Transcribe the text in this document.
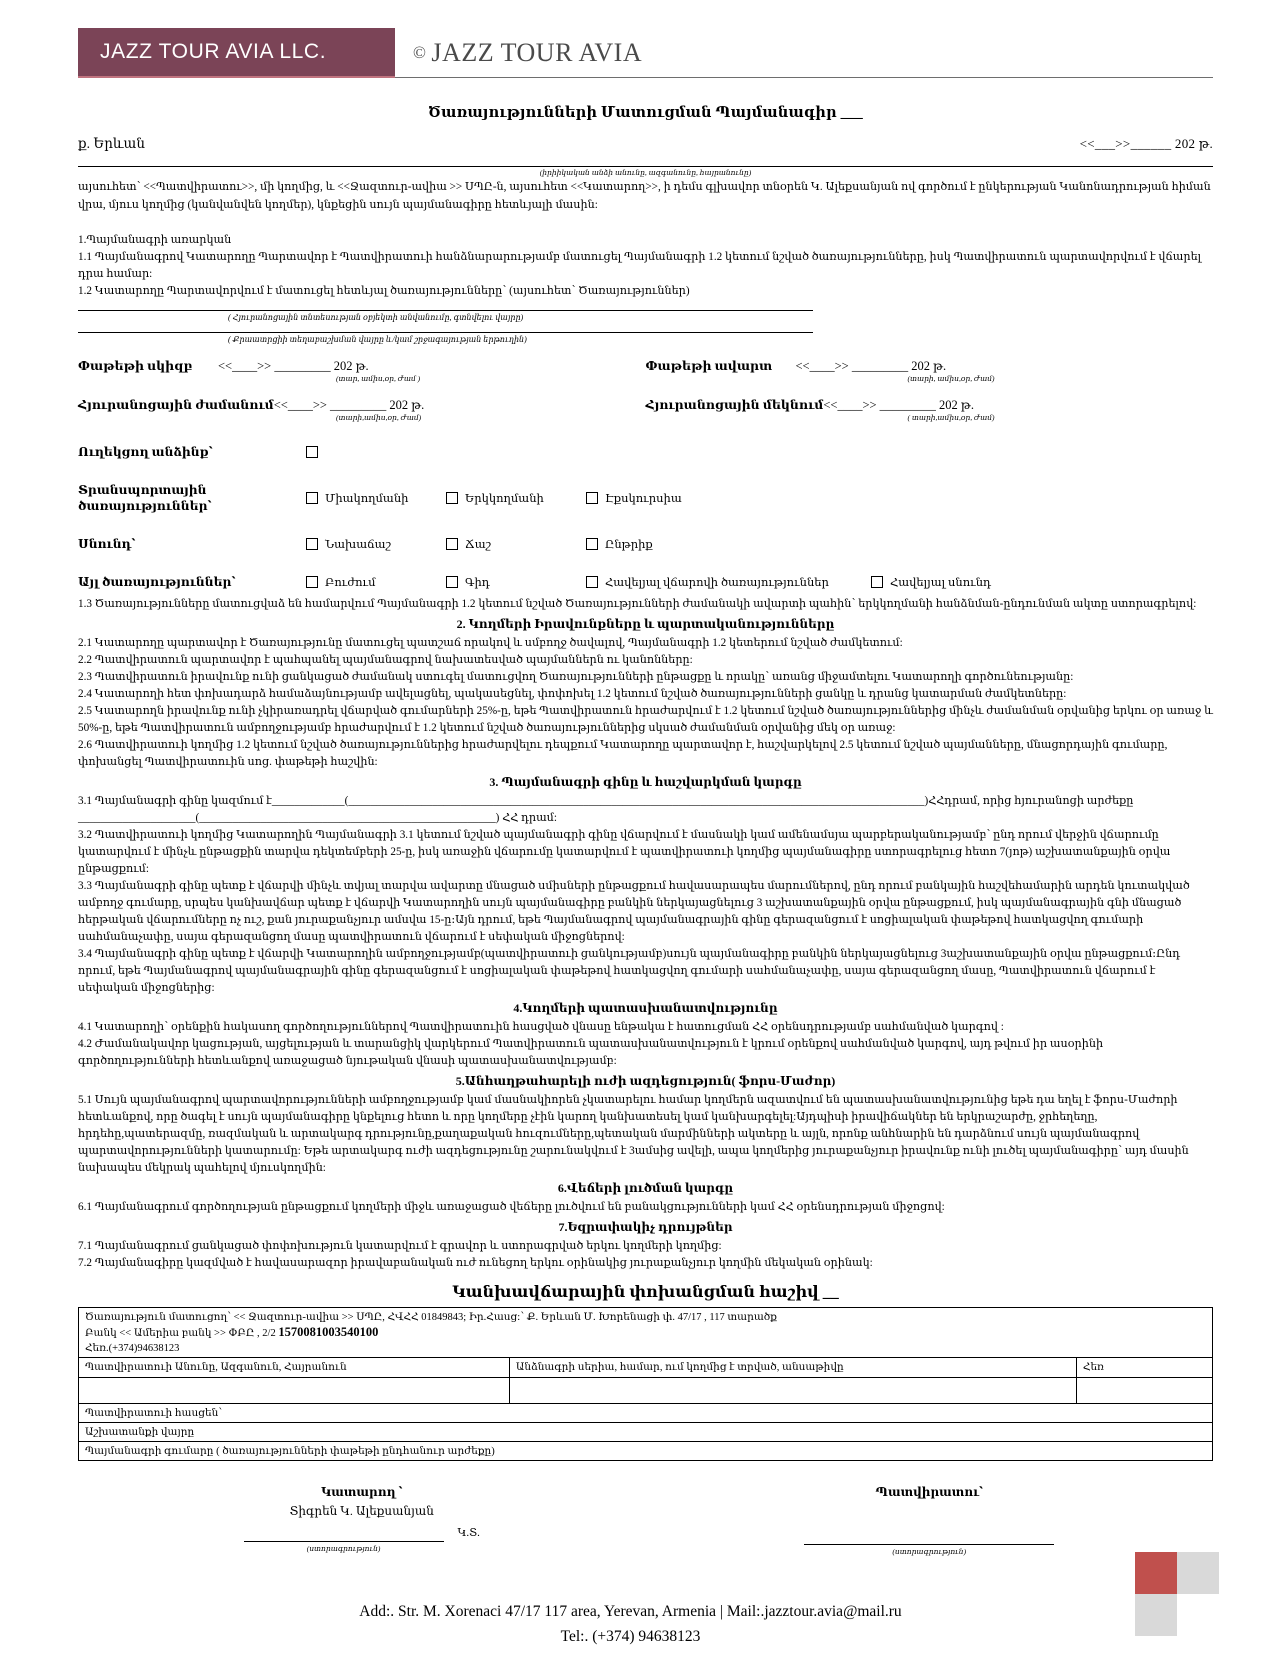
JAZZ TOUR AVIA LLC.	© JAZZ TOUR AVIA
Ծառայությունների Մատուցման Պայմանագիր ___
ք. Երևան	<<___>>______ 202 թ.
(իրիիկական անձի անունը, ազգանունը, հայրանունը)

այսուհետ՝ <<Պատվիրատու>>, մի կողմից, և <<Ջազտուր-ավիա >> ՍՊԸ-ն, այսուհետ <<Կատարող>>, ի դեմս գլխավոր տնօրեն Կ. Ալեքսանյան ով գործում է ընկերության Կանոնադրության հիման վրա, մյուս կողմից (կանվանվեն կողմեր), կնքեցին սույն պայմանագիրը հետևյալի մասին:

1.Պայմանագրի առարկան

1.1 Պայմանագրով Կատարողը Պարտավոր է Պատվիրատուի հանձնարարությամբ մատուցել Պայմանագրի 1.2 կետում նշված ծառայությունները, իսկ Պատվիրատուն պարտավորվում է վճարել դրա համար:

1.2 Կատարողը Պարտավորվում է մատուցել հետևյալ ծառայությունները՝ (այսուհետ՝ Ծառայություններ)

( Հյուրանոցային տնտեսության օբյեկտի անվանումը, գտնվելու վայրը)
( Քրաատրցիի տեղաբաշխման վայրը և/կամ շրջագայության երթուղին)
Փաթեթի սկիզբ	<<____>> _________ 202 թ.	Փաթեթի ավարտ <<____>> _________ 202 թ.
(տար, ամիս,օր, Ժամ )	(տարի, ամիս,օր, Ժամ)
Հյուրանոցային ժամանում <<____>> _________ 202 թ.	Հյուրանոցային մեկնում <<____>> _________ 202 թ.
(տարի,ամիս,օր, Ժամ)	( տարի,ամիս,օր, Ժամ)
Ուղեկցող անձինք՝
Տրանսպորտային ծառայություններ՝	Միակողմանի	Երկկողմանի	Էքսկուրսիա
Սնունդ՝	Նախաճաշ	Ճաշ	Ընթրիք
Այլ ծառայություններ՝	Բուժում	Գիդ	Հավելյալ վճարովի ծառայություններ	Հավելյալ սնունդ

1.3 Ծառայությունները մատուցվաձ են համարվում Պայմանագրի 1.2 կետում նշված Ծառայությունների ժամանակի ավարտի պահին՝ երկկողմանի հանձնման-ընդունման ակտը ստորագրելով:

2. Կողմերի Իրավունքները և պարտականությունները

2.1 Կատարողը պարտավոր է Ծառայությունը մատուցել պատշաճ որակով և սմբողջ ծավալով, Պայմանագրի 1.2 կետերում նշված ժամկետում:

2.2 Պատվիրատուն պարտավոր է պահպանել պայմանագրով նախատեսված պայմաններն ու կանոնները:

2.3 Պատվիրատուն իրավունք ունի ցանկացած ժամանակ ստուգել մատուցվող Ծառայությունների ընթացքը և որակը՝ առանց միջամտելու Կատարողի գործունեությանը:

2.4 Կատարողի հետ փոխադարձ համաձայնությամբ ավելացնել, պակասեցնել, փոփոխել 1.2 կետում նշված ծառայությունների ցանկը և դրանց կատարման ժամկետները:

2.5 Կատարողն իրավունք ունի չկիրառադրել վճարված գումարների 25%-ը, եթե Պատվիրատուն հրաժարվում է 1.2 կետում նշված ծառայություններից մինչև ժամանման օրվանից երկու օր առաջ և 50%-ը, եթե Պատվիրատուն ամբողջությամբ հրաժարվում է 1.2 կետում նշված ծառայություններից սկսած ժամանման օրվանից մեկ օր առաջ:

2.6 Պատվիրատուի կողմից 1.2 կետում նշված ծառայություններից հրաժարվելու դեպքում Կատարողը պարտավոր է, հաշվարկելով 2.5 կետում նշված պայմանները, մնացորդային գումարը, փոխանցել Պատվիրատուին սոց. փաթեթի հաշվին:

3. Պայմանագրի գինը և հաշվարկման կարգը

3.1 Պայմանագրի գինը կազմում է_____________(_______________________________________________________________________________________________________)ՀՀդրամ, որից հյուրանոցի արժեքը
_____________________(_____________________________________________________) ՀՀ դրամ:

3.2 Պատվիրատուի կողմից Կատարողին Պայմանագրի 3.1 կետում նշված պայմանագրի գինը վճարվում է մասնակի կամ ամենամսյա պարբերականությամբ՝ ընդ որում վերջին վճարումը կատարվում է մինչև ընթացքին տարվա դեկտեմբերի 25-ը, իսկ առաջին վճարումը կատարվում է պատվիրատուի կողմից պայմանագիրը ստորագրելուց հետո 7(յոթ) աշխատանքային օրվա ընթացքում:

3.3 Պայմանագրի գինը պետք է վճարվի մինչև տվյալ տարվա ավարտը մնացած սմիսների ընթացքում հավասարապես մարումներով, ընդ որում բանկային հաշվեհամարին արդեն կուտակված ամբողջ գումարը, սրպես կանխավճար պետք է վճարվի Կատարողին սույն պայմանագիրը բանկին ներկայացնելուց 3 աշխատանքային օրվա ընթացքում, իսկ պայմանագրային գնի մնացած հերթական վճարումները ոչ ուշ, քան յուրաքանչյուր ամսվա 15-ը։Այն դրում, եթե Պայմանագրով պայմանագրային գինը գերազանցում է սոցիալական փաթեթով հատկացվող գումարի սահմանաչափը, սայա գերազանցող մասը պատվիրատուն վճարում է սեփական միջոցներով:

3.4 Պայմանագրի գինը պետք է վճարվի Կատարողին ամբողջությամբ(պատվիրատուի ցանկությամբ)սույն պայմանագիրը բանկին ներկայացնելուց 3աշխատանքային օրվա ընթացքում։Ընդ որում, եթե Պայմանագրով պայմանագրային գինը գերազանցում է սոցիալական փաթեթով հատկացվող գումարի սահմանաչափը, սայա գերազանցող մասը, Պատվիրատուն վճարում է սեփական միջոցներից:

4.Կողմերի պատասխանատվությունը

4.1 Կատարողի՝ օրենքին հակասող գործողություններով Պատվիրատուին հասցված վնասը ենթակա է հատուցման ՀՀ օրենսդրությամբ սահմանված կարգով :

4.2 Ժամանակավոր կացության, այցելության և տարանցիկ վարկերում Պատվիրատուն պատասխանատվություն է կրում օրենքով սահմանված կարգով, այդ թվում իր ասօրինի գործողությունների հետևանքով առաջացած նյութական վնասի պատասխանատվությամբ:

5.Անհաղթահարելի ուժի ազդեցություն( ֆորս-Մաժոր)

5.1 Սույն պայմանագրով պարտավորությունների ամբողջությամբ կամ մասնակիորեն չկատարելու համար կողմերն ազատվում են պատասխանատվությունից եթե դա եղել է ֆորս-Մաժորի հետևանքով, որը ծագել է սույն պայմանագիրը կնքելուց հետո և որը կողմերը չէին կարող կանխատեսել կամ կանխարգելել:Այդպիսի իրավիճակներ են երկրաշարժը, ջրհեղեղը, հրդեհը,պատերազմը, ռազմական և արտակարգ դրությունը,քաղաքական հուզումները,պետական մարմինների ակտերը և այլն, որոնք անհնարին են դարձնում սույն պայմանագրով պարտավորությունների կատարումը: Եթե արտակարգ ուժի ազդեցությունը շարունակվում է 3ամսից ավելի, ապա կողմերից յուրաքանչյուր իրավունք ունի լուծել պայմանագիրը՝ այդ մասին նախապես մեկրակ պահելով մյուսկողմին:

6.Վեճերի լուծման կարգը

6.1 Պայմանագրում գործողության ընթացքում կողմերի միջև առաջացած վեճերը լուծվում են բանակցությունների կամ ՀՀ օրենսդրության միջոցով:

7.Եզրափակիչ դրույթներ

7.1 Պայմանագրում ցանկացած փոփոխություն կատարվում է գրավոր և ստորագրված երկու կողմերի կողմից:

7.2 Պայմանագիրը կազմված է հավասարազոր իրավաբանական ուժ ունեցող երկու օրինակից յուրաքանչյուր կողմին մեկական օրինակ:

Կանխավճարային փոխանցման հաշիվ __
Ծառայություն մատուցող՝ << Ջազտուր-ավիա >> ՍՊԸ, ՀՎՀՀ 01849843; Իր.Հասց:՝ Ք. Երևան Մ. Խորենացի փ. 47/17 , 117 տարածք		

Բանկ << Ամերիա բանկ >> ՓԲԸ , 2/2 1570081003540100		

Հեռ.(+374)94638123		

Պատվիրատուի Անունը, Ազգանուն, Հայրանուն	Անձնագրի սերիա, համար, ում կողմից է տրված, անսաթիվը	Հեռ

Պատվիրատուի հասցեն՝		
Աշխատանքի վայրը		
Պայմանագրի գումարը ( ծառայությունների փաթեթի ընդհանուր արժեքը)		
Կատարող ՝
Տիգրեն Կ. Ալեքսանյան
(ստորագրություն)
Կ.Տ.
Պատվիրատու՝
(ստորագրություն)
Add:. Str. M. Xorenaci 47/17 117 area, Yerevan, Armenia | Mail:.jazztour.avia@mail.ru
Tel:. (+374) 94638123
